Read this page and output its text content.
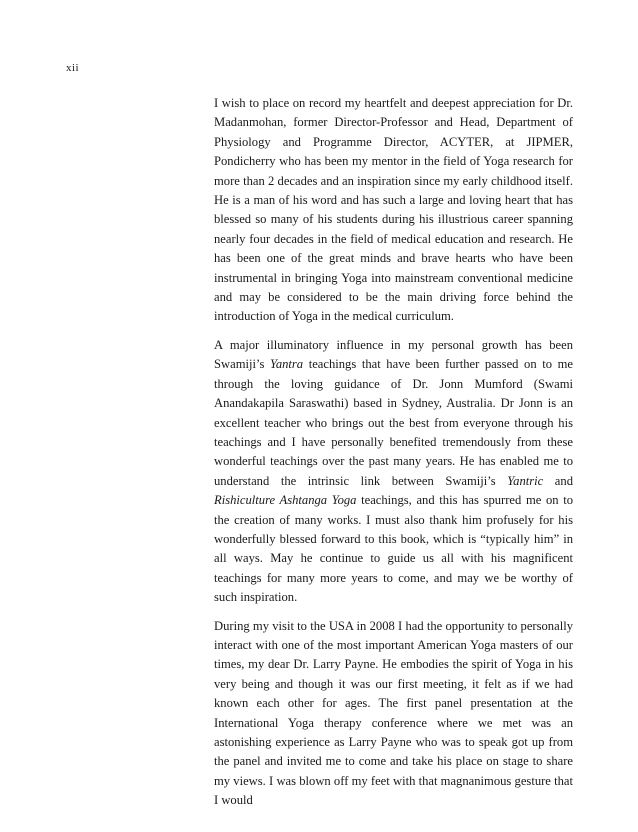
xii

I wish to place on record my heartfelt and deepest appreciation for Dr. Madanmohan, former Director-Professor and Head, Department of Physiology and Programme Director, ACYTER, at JIPMER, Pondicherry who has been my mentor in the field of Yoga research for more than 2 decades and an inspiration since my early childhood itself. He is a man of his word and has such a large and loving heart that has blessed so many of his students during his illustrious career spanning nearly four decades in the field of medical education and research. He has been one of the great minds and brave hearts who have been instrumental in bringing Yoga into mainstream conventional medicine and may be considered to be the main driving force behind the introduction of Yoga in the medical curriculum.

A major illuminatory influence in my personal growth has been Swamiji’s Yantra teachings that have been further passed on to me through the loving guidance of Dr. Jonn Mumford (Swami Anandakapila Saraswathi) based in Sydney, Australia. Dr Jonn is an excellent teacher who brings out the best from everyone through his teachings and I have personally benefited tremendously from these wonderful teachings over the past many years. He has enabled me to understand the intrinsic link between Swamiji’s Yantric and Rishiculture Ashtanga Yoga teachings, and this has spurred me on to the creation of many works. I must also thank him profusely for his wonderfully blessed forward to this book, which is “typically him” in all ways. May he continue to guide us all with his magnificent teachings for many more years to come, and may we be worthy of such inspiration.

During my visit to the USA in 2008 I had the opportunity to personally interact with one of the most important American Yoga masters of our times, my dear Dr. Larry Payne. He embodies the spirit of Yoga in his very being and though it was our first meeting, it felt as if we had known each other for ages. The first panel presentation at the International Yoga therapy conference where we met was an astonishing experience as Larry Payne who was to speak got up from the panel and invited me to come and take his place on stage to share my views. I was blown off my feet with that magnanimous gesture that I would
